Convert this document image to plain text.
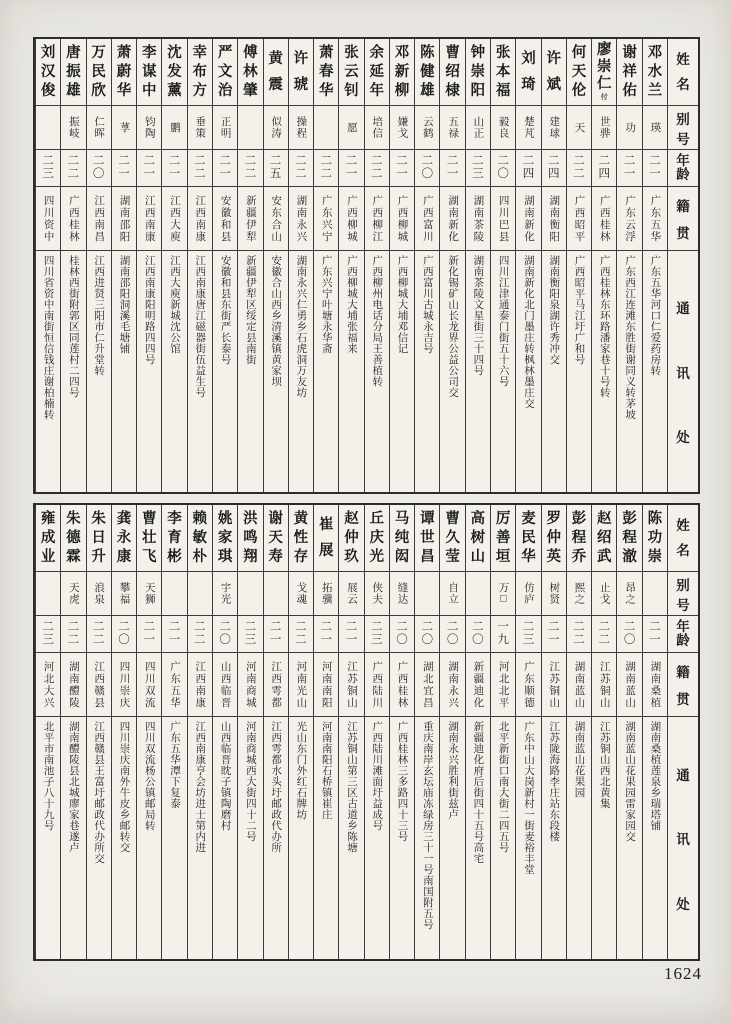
姓
名
别
号
年
龄
籍
贯
通
讯
处
邓
水
兰
瑛
二
一
广东五华
广东五华河口仁爱药房转
谢
祥
佑
功
二
一
广东云浮
广东西江连滩东胜街谢同义转茅坡
廖
崇
仁
付
世骅
二
四
广西桂林
广西桂林东环路潘家巷十号转
何
天
伦
天
二
二
广西昭平
广西昭平马江圩广和号
许
斌
建球
二
四
湖南衡阳
湖南衡阳泉湖许秀冲交
刘
琦
楚芃
二
四
湖南新化
湖南新化北门墨庄转枫林墨庄交
张
本
福
毅良
二
〇
四川巴县
四川江津通泰门街五十六号
钟
崇
阳
山正
二
三
湖南茶陵
湖南茶陵文星街三十四号
曹
绍
棣
五禄
二
一
湖南新化
新化锡矿山长龙界公益公司交
陈
健
雄
云鹤
二
〇
广西富川
广西富川古城永吉号
邓
新
柳
嫌戈
二
一
广西柳城
广西柳城大埔邓信记
余
延
年
培信
二
二
广西柳江
广西柳州电话分局王善植转
张
云
钊
愿
二
一
广西柳城
广西柳城大埔张福来
萧
春
华
二
二
广东兴宁
广东兴宁叶塘永华斋
许
琥
操程
二
二
湖南永兴
湖南永兴仁勇乡石虎洞万友坊
黄
震
似涛
二
五
安东合山
安徽合山西乡清溪镇黄家坝
傅
林
肇
二
二
新疆伊犁
新疆伊犁区绥定县南街
严
文
治
正明
二
一
安徽和县
安徽和县东街严长泰号
幸
布
方
垂策
二
二
江西南康
江西南康唐江磁器街伍益生号
沈
发
薰
鹏
二
一
江西大庾
江西大庾新城沈公馆
李
谋
中
钧陶
二
一
江西南康
江西南康阳明路四四号
萧
蔚
华
莩
二
一
湖南邵阳
湖南邵阳洞溪毛塘铺
万
民
欣
仁晖
二
〇
江西南昌
江西进贤三阳市仁升堂转
唐
振
雄
振岐
二
二
广西桂林
桂林西街附郭区同莲村二四号
刘
汉
俊
二
三
四川资中
四川省资中南街恒信钱庄谢柏楠转
姓
名
别
号
年
龄
籍
贯
通
讯
处
陈
功
崇
二
一
湖南桑植
湖南桑植莲泉乡瑞塔铺
彭
程
澈
昂之
二
〇
湖南蓝山
湖南蓝山花果园雷家园交
赵
绍
武
止戈
二
二
江苏铜山
江苏铜山西北黄集
彭
程
乔
熙之
二
二
湖南蓝山
湖南蓝山花果园
罗
仲
英
树贤
二
一
江苏铜山
江苏陇海路李庄站东段楼
麦
民
华
仿庐
二
三
广东顺德
广东中山大岗新村一街麦裕丰堂
厉
善
垣
万□
一
九
河北北平
北平新街口南大街二四五号
高
树
山
二
〇
新疆迪化
新疆迪化府后街四十五号高宅
曹
久
莹
自立
二
〇
湖南永兴
湖南永兴胜利街兹卢
谭
世
昌
二
〇
湖北宜昌
重庆南岸玄坛庙冻绿房三十一号南国附五号
马
纯
闳
缝达
二
〇
广西桂林
广西桂林三多路四十三号
丘
庆
光
侠夫
二
三
广西陆川
广西陆川滩面圩益成号
赵
仲
玖
展云
二
一
江苏铜山
江苏铜山第三区古道乡陈塘
崔
展
拓骥
二
一
河南南阳
河南南阳石桥镇崔庄
黄
性
存
戈魂
二
二
河南光山
光山东门外红石牌坊
谢
天
寿
二
一
江西雩都
江西雩都水头圩邮政代办所
洪
鸣
翔
二
三
河南商城
河南商城西大街四十二号
姚
家
琪
宇光
二
〇
山西临晋
山西临晋眈子镇陶磨村
赖
敏
朴
二
二
江西南康
江西南康亨会坊进士第内进
李
育
彬
二
一
广东五华
广东五华潭下复泰
曹
壮
飞
天狮
二
一
四川双流
四川双流杨公镇邮局转
龚
永
康
攀福
二
〇
四川崇庆
四川崇庆南外牛皮乡邮转交
朱
日
升
浪泉
二
二
江西赣县
江西赣县王富圩邮政代办所交
朱
德
霖
天虎
二
二
湖南醴陵
湖南醴陵县北城廖家巷遂卢
雍
成
业
二
三
河北大兴
北平市南池子八十九号
1624
